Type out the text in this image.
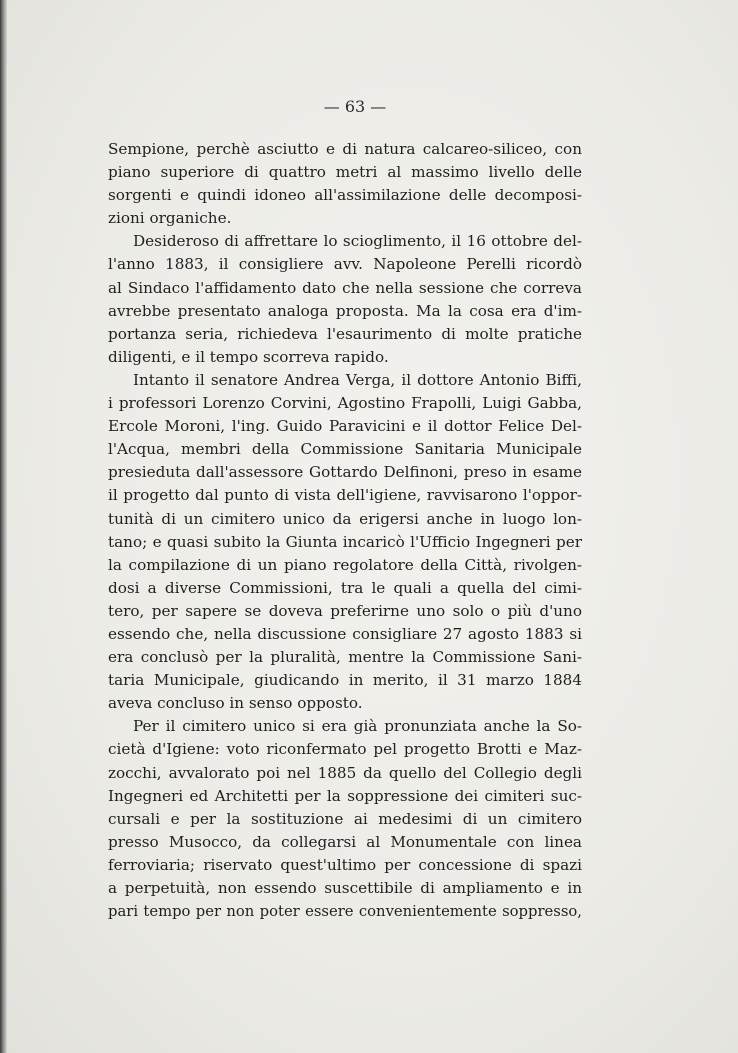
— 63 —
Sempione, perchè asciutto e di natura calcareo-siliceo, con
piano superiore di quattro metri al massimo livello delle
sorgenti e quindi idoneo all'assimilazione delle decomposi-
zioni organiche.
Desideroso di affrettare lo scioglimento, il 16 ottobre del-
l'anno 1883, il consigliere avv. Napoleone Perelli ricordò
al Sindaco l'affidamento dato che nella sessione che correva
avrebbe presentato analoga proposta. Ma la cosa era d'im-
portanza seria, richiedeva l'esaurimento di molte pratiche
diligenti, e il tempo scorreva rapido.
Intanto il senatore Andrea Verga, il dottore Antonio Biffi,
i professori Lorenzo Corvini, Agostino Frapolli, Luigi Gabba,
Ercole Moroni, l'ing. Guido Paravicini e il dottor Felice Del-
l'Acqua, membri della Commissione Sanitaria Municipale
presieduta dall'assessore Gottardo Delfinoni, preso in esame
il progetto dal punto di vista dell'igiene, ravvisarono l'oppor-
tunità di un cimitero unico da erigersi anche in luogo lon-
tano; e quasi subito la Giunta incaricò l'Ufficio Ingegneri per
la compilazione di un piano regolatore della Città, rivolgen-
dosi a diverse Commissioni, tra le quali a quella del cimi-
tero, per sapere se doveva preferirne uno solo o più d'uno
essendo che, nella discussione consigliare 27 agosto 1883 si
era conclusò per la pluralità, mentre la Commissione Sani-
taria Municipale, giudicando in merito, il 31 marzo 1884
aveva concluso in senso opposto.
Per il cimitero unico si era già pronunziata anche la So-
cietà d'Igiene: voto riconfermato pel progetto Brotti e Maz-
zocchi, avvalorato poi nel 1885 da quello del Collegio degli
Ingegneri ed Architetti per la soppressione dei cimiteri suc-
cursali e per la sostituzione ai medesimi di un cimitero
presso Musocco, da collegarsi al Monumentale con linea
ferroviaria; riservato quest'ultimo per concessione di spazi
a perpetuità, non essendo suscettibile di ampliamento e in
pari tempo per non poter essere convenientemente soppresso,
